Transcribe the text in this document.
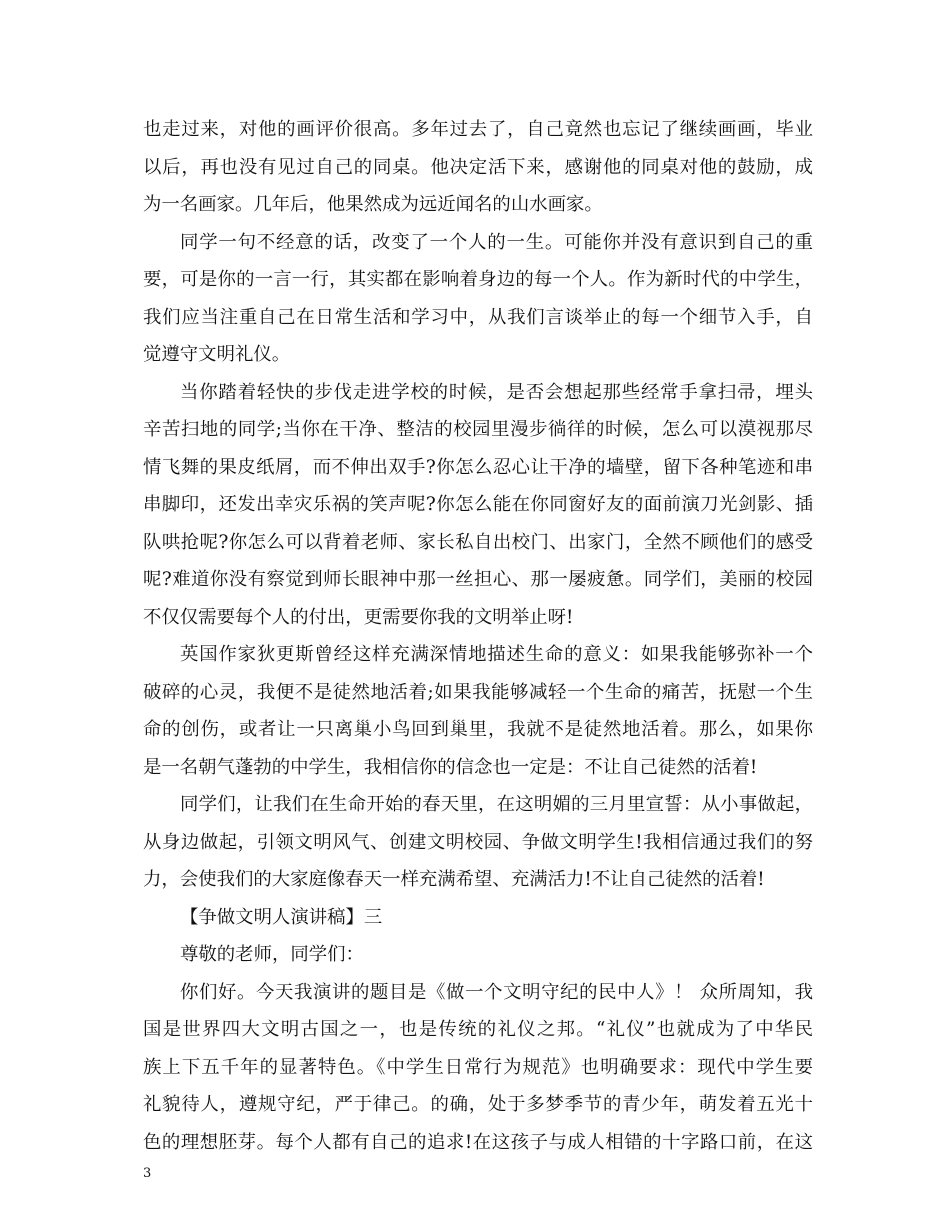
也走过来，对他的画评价很高。多年过去了，自己竟然也忘记了继续画画，毕业
以后，再也没有见过自己的同桌。他决定活下来，感谢他的同桌对他的鼓励，成
为一名画家。几年后，他果然成为远近闻名的山水画家。
同学一句不经意的话，改变了一个人的一生。可能你并没有意识到自己的重
要，可是你的一言一行，其实都在影响着身边的每一个人。作为新时代的中学生，
我们应当注重自己在日常生活和学习中，从我们言谈举止的每一个细节入手，自
觉遵守文明礼仪。
当你踏着轻快的步伐走进学校的时候，是否会想起那些经常手拿扫帚，埋头
辛苦扫地的同学;当你在干净、整洁的校园里漫步徜徉的时候，怎么可以漠视那尽
情飞舞的果皮纸屑，而不伸出双手?你怎么忍心让干净的墙壁，留下各种笔迹和串
串脚印，还发出幸灾乐祸的笑声呢?你怎么能在你同窗好友的面前演刀光剑影、插
队哄抢呢?你怎么可以背着老师、家长私自出校门、出家门，全然不顾他们的感受
呢?难道你没有察觉到师长眼神中那一丝担心、那一屡疲惫。同学们，美丽的校园
不仅仅需要每个人的付出，更需要你我的文明举止呀!
英国作家狄更斯曾经这样充满深情地描述生命的意义：如果我能够弥补一个
破碎的心灵，我便不是徒然地活着;如果我能够减轻一个生命的痛苦，抚慰一个生
命的创伤，或者让一只离巢小鸟回到巢里，我就不是徒然地活着。那么，如果你
是一名朝气蓬勃的中学生，我相信你的信念也一定是：不让自己徒然的活着!
同学们，让我们在生命开始的春天里，在这明媚的三月里宣誓：从小事做起，
从身边做起，引领文明风气、创建文明校园、争做文明学生!我相信通过我们的努
力，会使我们的大家庭像春天一样充满希望、充满活力!不让自己徒然的活着!
【争做文明人演讲稿】三
尊敬的老师，同学们：
你们好。今天我演讲的题目是《做一个文明守纪的民中人》！ 众所周知，我
国是世界四大文明古国之一，也是传统的礼仪之邦。“礼仪”也就成为了中华民
族上下五千年的显著特色。《中学生日常行为规范》也明确要求：现代中学生要
礼貌待人，遵规守纪，严于律己。的确，处于多梦季节的青少年，萌发着五光十
色的理想胚芽。每个人都有自己的追求!在这孩子与成人相错的十字路口前，在这
3
